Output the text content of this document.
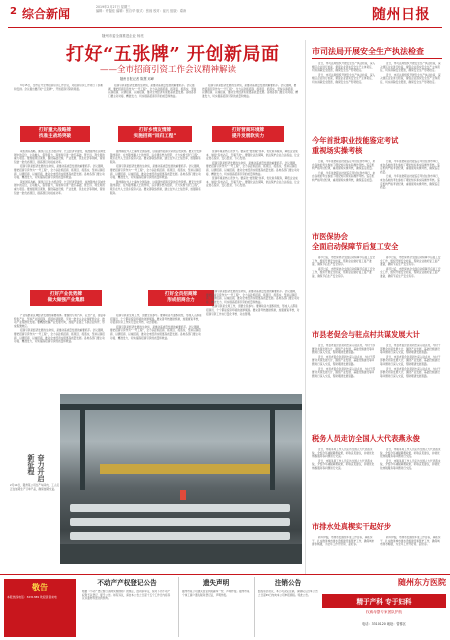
2 综合新闻	2019年2月27日 星期三
编辑：许磊佳 编辑：张自华 版式：张琼 校对：崔氏 组版：虞涛	随州日报
随州市委全面推进企业 杨亮
打好“五张牌” 开创新局面
——全市招商引资工作会议精神解读
随州日报记者 陈慧 邓峰

3月15日，全市召开全市招商引资工作会议，对招商引资工作进行了部署和安排。会议提出要打好“五张牌”，开创招商引资新局面。

招商引资是经济发展的生命线，是推动高质量发展的重要抓手。会议强调，要把招商引资作为“一号工程”，全力以赴抓招商、抓项目、抓落实，坚持以商招商、以情招商、以诚招商，推动全市经济实现更高质量发展。各地各部门要主动对接、精准发力，切实提高招商引资的质量和效益。

招商引资是经济发展的生命线，是推动高质量发展的重要抓手。会议强调，要把招商引资作为“一号工程”，全力以赴抓招商、抓项目、抓落实，坚持以商招商、以情招商、以诚招商，推动全市经济实现更高质量发展。各地各部门要主动对接、精准发力，切实提高招商引资的质量和效益。

打好重大战略牌
找准主战场突破
打好乡情友情牌
实施招商“回归工程”
打好营商环境牌
提升发展软实力

紧扣国家战略，围绕汉江生态经济带、长江经济带建设，找准随州在区域发展中的定位，主动融入，借势借力，谋划和引进一批打基础、管长远、利全局的重大项目。要加强项目谋划，围绕基础设施、产业发展、民生社会等领域，谋划包装一批优质项目，提高项目对接成功率。

招商引资是经济发展的生命线，是推动高质量发展的重要抓手。会议强调，要把招商引资作为“一号工程”，全力以赴抓招商、抓项目、抓落实，坚持以商招商、以情招商、以诚招商，推动全市经济实现更高质量发展。各地各部门要主动对接、精准发力，切实提高招商引资的质量和效益。

紧扣国家战略，围绕汉江生态经济带、长江经济带建设，找准随州在区域发展中的定位，主动融入，借势借力，谋划和引进一批打基础、管长远、利全局的重大项目。要加强项目谋划，围绕基础设施、产业发展、民生社会等领域，谋划包装一批优质项目，提高项目对接成功率。

随州籍在外人士遍布全国各地，这是随州招商引资的宝贵资源。要充分发挥随州商会、在外随州籍人士的作用，以乡情乡愁为纽带，大力实施“回归工程”，吸引在外人士回乡投资兴业。要完善联络机制，建立在外人士信息库，加强联系服务。

招商引资是经济发展的生命线，是推动高质量发展的重要抓手。会议强调，要把招商引资作为“一号工程”，全力以赴抓招商、抓项目、抓落实，坚持以商招商、以情招商、以诚招商，推动全市经济实现更高质量发展。各地各部门要主动对接、精准发力，切实提高招商引资的质量和效益。

随州籍在外人士遍布全国各地，这是随州招商引资的宝贵资源。要充分发挥随州商会、在外随州籍人士的作用，以乡情乡愁为纽带，大力实施“回归工程”，吸引在外人士回乡投资兴业。要完善联络机制，建立在外人士信息库，加强联系服务。

营商环境是核心竞争力。要深化“放管服”改革，优化政务服务，降低企业成本，做到“有求必应、无事不扰”。要强化法治保障，依法保护企业合法权益，让企业放心投资、安心经营、专心发展。

招商引资是经济发展的生命线，是推动高质量发展的重要抓手。会议强调，要把招商引资作为“一号工程”，全力以赴抓招商、抓项目、抓落实，坚持以商招商、以情招商、以诚招商，推动全市经济实现更高质量发展。各地各部门要主动对接、精准发力，切实提高招商引资的质量和效益。

营商环境是核心竞争力。要深化“放管服”改革，优化政务服务，降低企业成本，做到“有求必应、无事不扰”。要强化法治保障，依法保护企业合法权益，让企业放心投资、安心经营、专心发展。

打好产业优势牌
做大做强产业集群
打好全员招商牌
形成招商合力

产业集群是区域经济发展的重要载体。要围绕专用汽车、应急产业、香菇等特色产业，坚持产业链招商，延链补链强链，引进一批龙头企业和配套企业，推动产业集群化发展。要精准把握产业发展方向，加强产业链上下游企业协作，形成集聚效应。

招商引资是经济发展的生命线，是推动高质量发展的重要抓手。会议强调，要把招商引资作为“一号工程”，全力以赴抓招商、抓项目、抓落实，坚持以商招商、以情招商、以诚招商，推动全市经济实现更高质量发展。各地各部门要主动对接、精准发力，切实提高招商引资的质量和效益。

招商引资是全局工作，需要全民参与。要调动各方面积极性，形成人人都是招商员、个个都是投资环境的浓厚氛围。要完善考核激励机制，加强督查考核，对招商引资工作实行量化考核、动态管理。

招商引资是经济发展的生命线，是推动高质量发展的重要抓手。会议强调，要把招商引资作为“一号工程”，全力以赴抓招商、抓项目、抓落实，坚持以商招商、以情招商、以诚招商，推动全市经济实现更高质量发展。各地各部门要主动对接、精准发力，切实提高招商引资的质量和效益。

招商引资是经济发展的生命线，是推动高质量发展的重要抓手。会议强调，要把招商引资作为“一号工程”，全力以赴抓招商、抓项目、抓落实，坚持以商招商、以情招商、以诚招商，推动全市经济实现更高质量发展。各地各部门要主动对接、精准发力，切实提高招商引资的质量和效益。

招商引资是全局工作，需要全民参与。要调动各方面积极性，形成人人都是招商员、个个都是投资环境的浓厚氛围。要完善考核激励机制，加强督查考核，对招商引资工作实行量化考核、动态管理。

奋力开启
新征程
2月14日，随州某公司生产车间内，工人们正在加紧生产订单产品，确保按期交货。
市司法局开展安全生产执法检查

近日，市司法局组织开展安全生产执法检查，深入辖区企业进行检查，督促企业落实安全生产主体责任，切实消除安全隐患，确保安全生产形势稳定。

近日，市司法局组织开展安全生产执法检查，深入辖区企业进行检查，督促企业落实安全生产主体责任，切实消除安全隐患，确保安全生产形势稳定。

近日，市司法局组织开展安全生产执法检查，深入辖区企业进行检查，督促企业落实安全生产主体责任，切实消除安全隐患，确保安全生产形势稳定。

近日，市司法局组织开展安全生产执法检查，深入辖区企业进行检查，督促企业落实安全生产主体责任，切实消除安全隐患，确保安全生产形势稳定。

今年首批职业技能鉴定考试
重视场实操考核

日前，今年首批职业技能鉴定考试在我市举行，来自各地的考生参加了理论知识和实际操作考核。鉴定机构严格考试纪律，重视现场实操考核，确保鉴定质量。

日前，今年首批职业技能鉴定考试在我市举行，来自各地的考生参加了理论知识和实际操作考核。鉴定机构严格考试纪律，重视现场实操考核，确保鉴定质量。

日前，今年首批职业技能鉴定考试在我市举行，来自各地的考生参加了理论知识和实际操作考核。鉴定机构严格考试纪律，重视现场实操考核，确保鉴定质量。

日前，今年首批职业技能鉴定考试在我市举行，来自各地的考生参加了理论知识和实际操作考核。鉴定机构严格考试纪律，重视现场实操考核，确保鉴定质量。

市医保协会
全面启动保障节后复工安全

春节过后，市医保协会全面启动保障节后复工安全工作，组织开展安全检查，帮助企业做好复工复产准备，确保节后生产安全有序。

春节过后，市医保协会全面启动保障节后复工安全工作，组织开展安全检查，帮助企业做好复工复产准备，确保节后生产安全有序。

春节过后，市医保协会全面启动保障节后复工安全工作，组织开展安全检查，帮助企业做好复工复产准备，确保节后生产安全有序。

春节过后，市医保协会全面启动保障节后复工安全工作，组织开展安全检查，帮助企业做好复工复产准备，确保节后生产安全有序。

市县老促会与驻点村共谋发展大计

近日，市县老促会负责同志深入驻点村，与村干部群众共谋发展大计，围绕产业发展、基础设施建设等问题进行深入交流，帮助理清发展思路。

近日，市县老促会负责同志深入驻点村，与村干部群众共谋发展大计，围绕产业发展、基础设施建设等问题进行深入交流，帮助理清发展思路。

近日，市县老促会负责同志深入驻点村，与村干部群众共谋发展大计，围绕产业发展、基础设施建设等问题进行深入交流，帮助理清发展思路。

近日，市县老促会负责同志深入驻点村，与村干部群众共谋发展大计，围绕产业发展、基础设施建设等问题进行深入交流，帮助理清发展思路。

近日，市县老促会负责同志深入驻点村，与村干部群众共谋发展大计，围绕产业发展、基础设施建设等问题进行深入交流，帮助理清发展思路。

近日，市县老促会负责同志深入驻点村，与村干部群众共谋发展大计，围绕产业发展、基础设施建设等问题进行深入交流，帮助理清发展思路。

税务人员走访全国人大代表燕永俊

近日，市税务局工作人员走访全国人大代表燕永俊，介绍今年减税降费政策，听取意见建议，并就优化纳税服务等问题进行交流。

近日，市税务局工作人员走访全国人大代表燕永俊，介绍今年减税降费政策，听取意见建议，并就优化纳税服务等问题进行交流。

近日，市税务局工作人员走访全国人大代表燕永俊，介绍今年减税降费政策，听取意见建议，并就优化纳税服务等问题进行交流。

近日，市税务局工作人员走访全国人大代表燕永俊，介绍今年减税降费政策，听取意见建议，并就优化纳税服务等问题进行交流。

市排水处真楔实干起好步

新年伊始，市排水处围绕年度工作目标，真抓实干，扎实推进城市排水设施建设和管护工作，确保城市排水畅通，为全年工作开好局、起好步。

新年伊始，市排水处围绕年度工作目标，真抓实干，扎实推进城市排水设施建设和管护工作，确保城市排水畅通，为全年工作开好局、起好步。

敬告
本报热线电话：3231389 欢迎读者来电
不动产产权登记公告
根据《不动产登记暂行条例实施细则》的规定，经初步审定，拟对下列不动产权利予以登记，现予公告。如有异议，请自本公告之日起十五个工作日内将异议书面材料送达我机构。
遗失声明
随州市某公司遗失营业执照副本一份，声明作废。随州市某个体工商户遗失税务登记证，声明作废。
注销公告
经股东会决议，本公司决定注销，请债权人自本公告之日起45日内向本公司申报债权。特此公告。
随州东方医院
精于产科 专于妇科
权威母婴专家团队护航
电话：3310120 地址：曾都区
